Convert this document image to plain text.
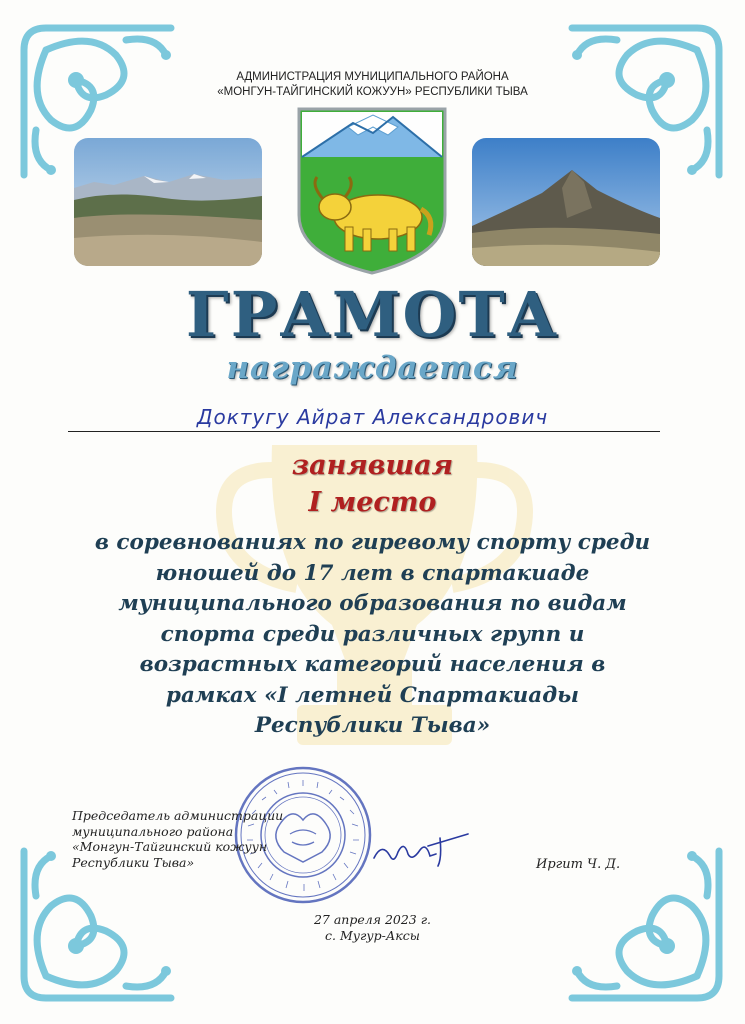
АДМИНИСТРАЦИЯ МУНИЦИПАЛЬНОГО РАЙОНА
«МОНГУН-ТАЙГИНСКИЙ КОЖУУН» РЕСПУБЛИКИ ТЫВА
ГРАМОТА
награждается
Доктугу Айрат Александрович
занявшая
I место
в соревнованиях по гиревому спорту среди
юношей до 17 лет в спартакиаде
муниципального образования по видам
спорта среди различных групп и
возрастных категорий населения в
рамках «I летней Спартакиады
Республики Тыва»
Председатель администрации
муниципального района
«Монгун-Тайгинский кожуун
Республики Тыва»	Иргит Ч. Д.
27 апреля 2023 г.
с. Мугур-Аксы
